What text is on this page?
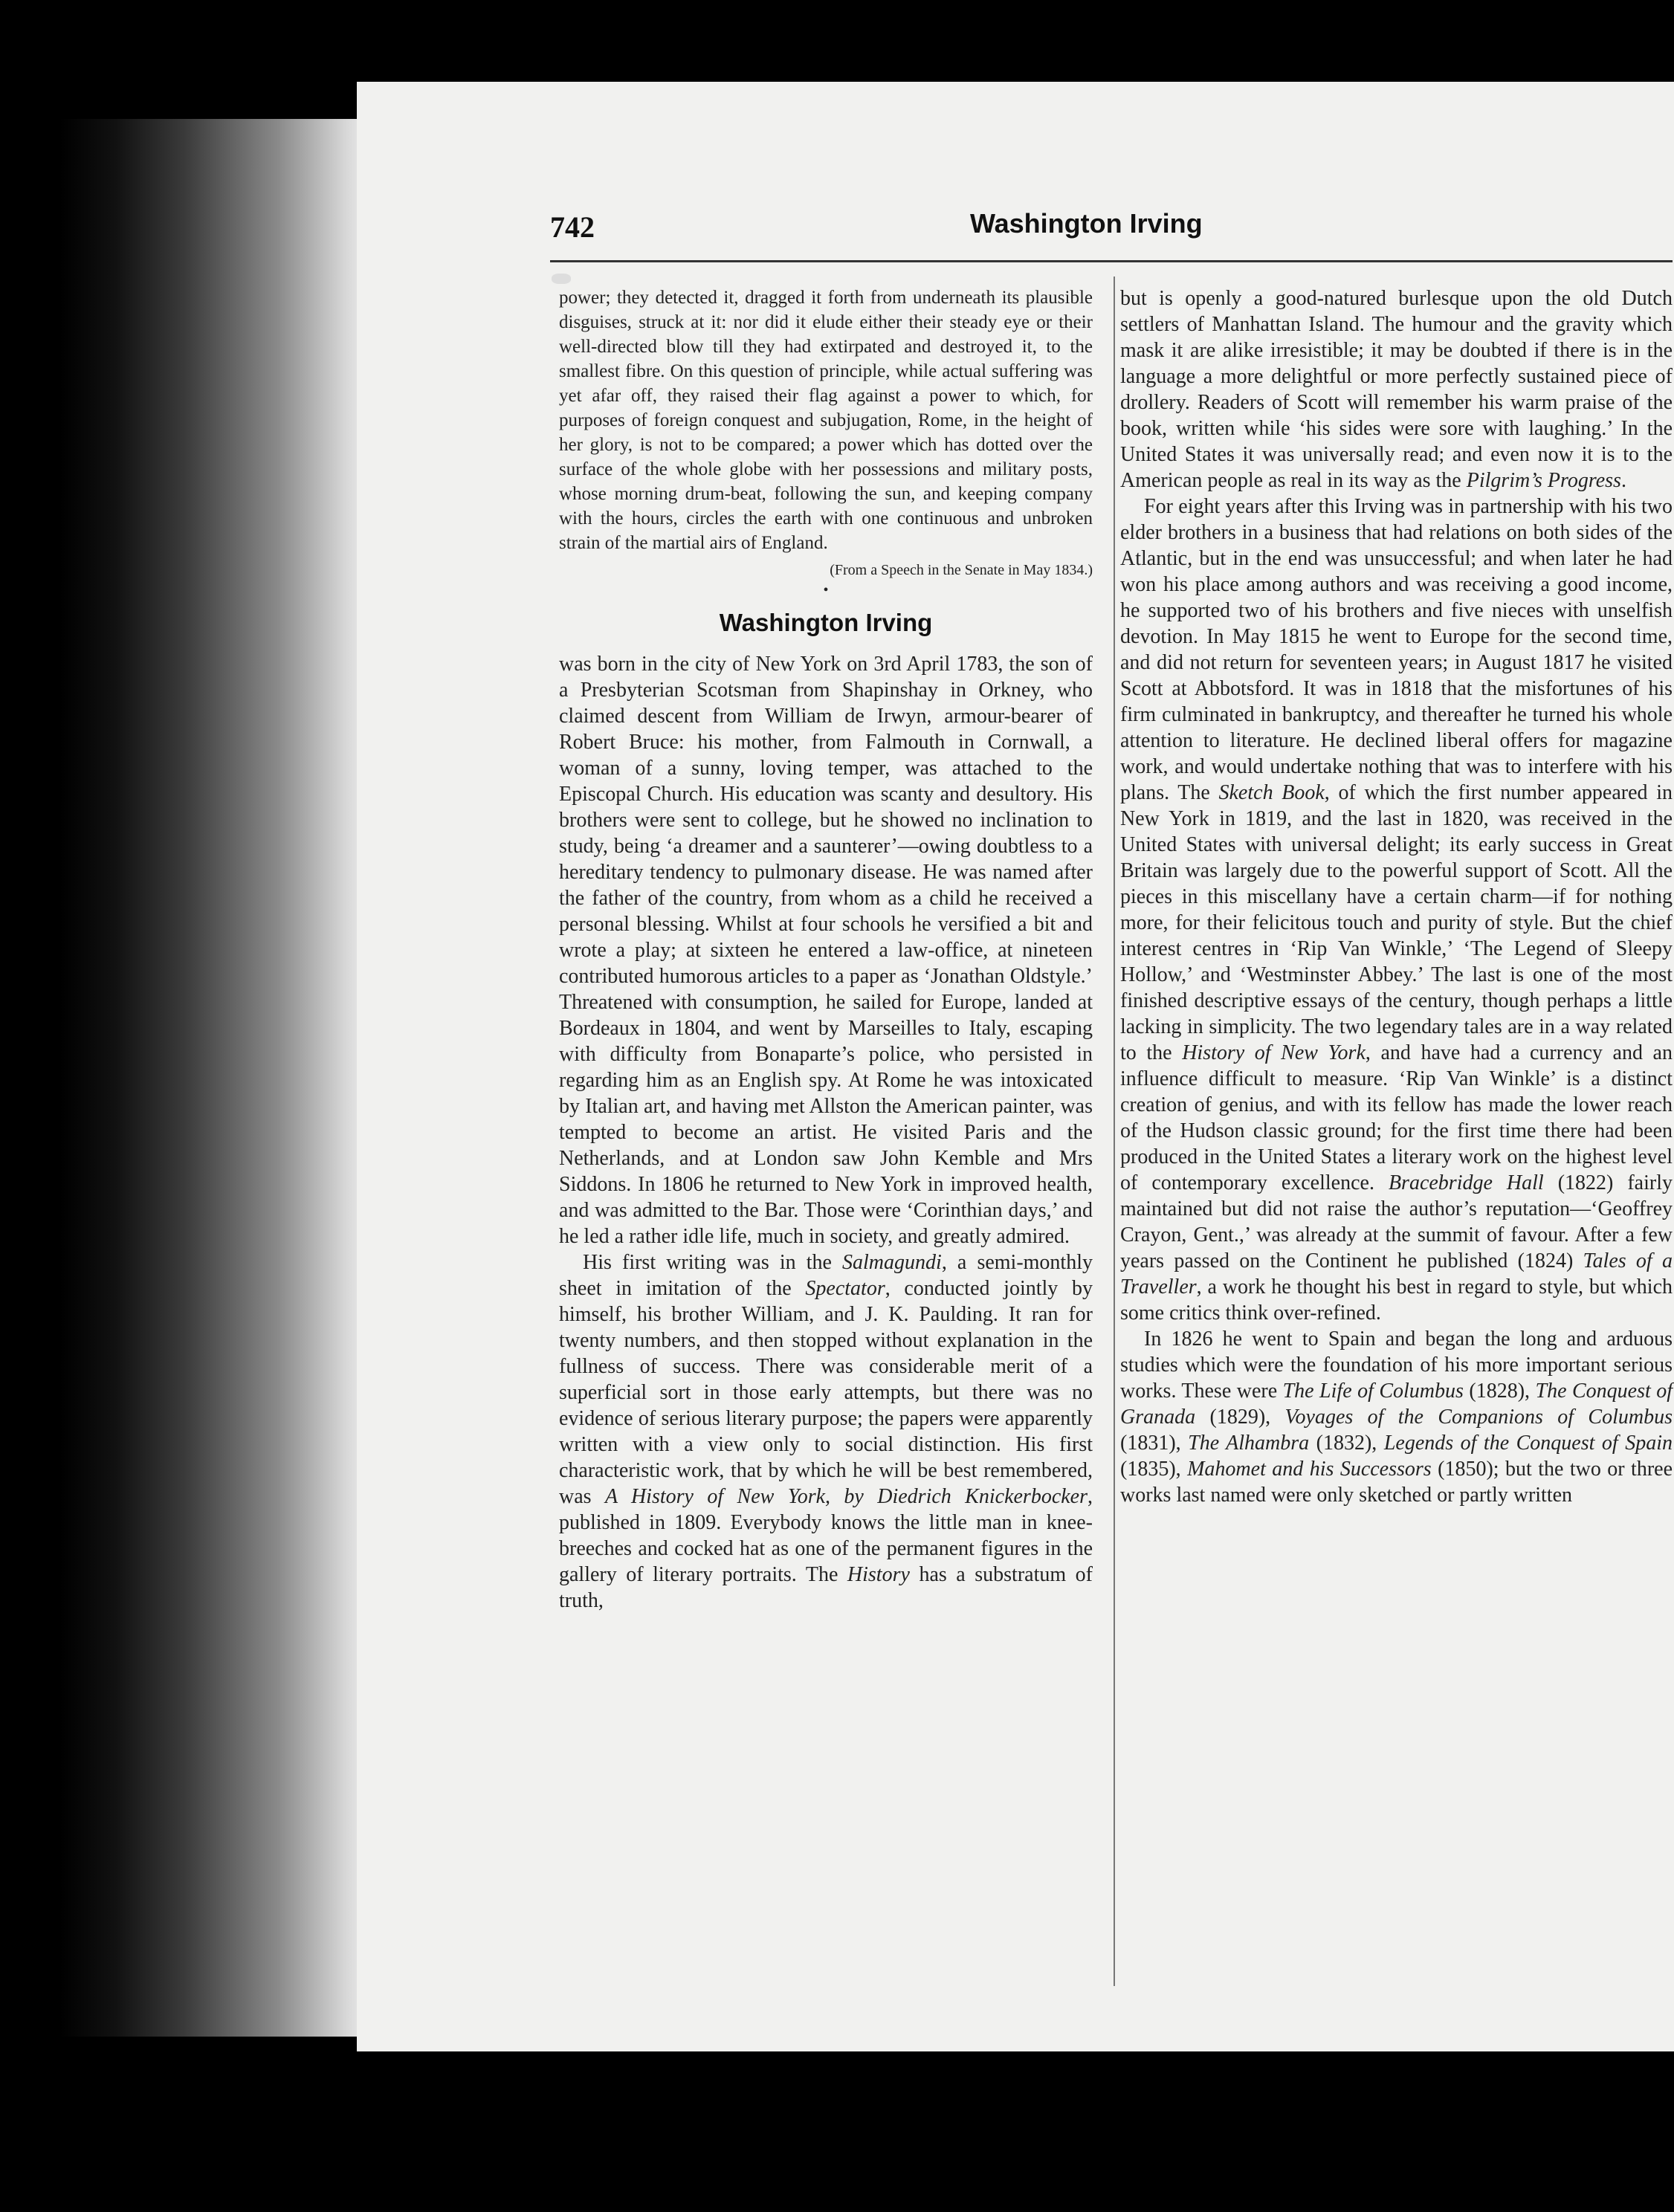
742	Washington Irving

power; they detected it, dragged it forth from underneath its plausible disguises, struck at it: nor did it elude either their steady eye or their well-directed blow till they had extirpated and destroyed it, to the smallest fibre. On this question of principle, while actual suffering was yet afar off, they raised their flag against a power to which, for purposes of foreign conquest and subjugation, Rome, in the height of her glory, is not to be compared; a power which has dotted over the surface of the whole globe with her possessions and military posts, whose morning drum-beat, following the sun, and keeping company with the hours, circles the earth with one continuous and unbroken strain of the martial airs of England.
(From a Speech in the Senate in May 1834.)

•

Washington Irving

was born in the city of New York on 3rd April 1783, the son of a Presbyterian Scotsman from Shapinshay in Orkney, who claimed descent from William de Irwyn, armour-bearer of Robert Bruce: his mother, from Falmouth in Cornwall, a woman of a sunny, loving temper, was attached to the Episcopal Church. His education was scanty and desultory. His brothers were sent to college, but he showed no inclination to study, being ‘a dreamer and a saunterer’—owing doubtless to a hereditary tendency to pulmonary disease. He was named after the father of the country, from whom as a child he received a personal blessing. Whilst at four schools he versified a bit and wrote a play; at sixteen he entered a law-office, at nineteen contributed humorous articles to a paper as ‘Jonathan Oldstyle.’ Threatened with consumption, he sailed for Europe, landed at Bordeaux in 1804, and went by Marseilles to Italy, escaping with difficulty from Bonaparte’s police, who persisted in regarding him as an English spy. At Rome he was intoxicated by Italian art, and having met Allston the American painter, was tempted to become an artist. He visited Paris and the Netherlands, and at London saw John Kemble and Mrs Siddons. In 1806 he returned to New York in improved health, and was admitted to the Bar. Those were ‘Corinthian days,’ and he led a rather idle life, much in society, and greatly admired.

His first writing was in the Salmagundi, a semi-monthly sheet in imitation of the Spectator, conducted jointly by himself, his brother William, and J. K. Paulding. It ran for twenty numbers, and then stopped without explanation in the fullness of success. There was considerable merit of a superficial sort in those early attempts, but there was no evidence of serious literary purpose; the papers were apparently written with a view only to social distinction. His first characteristic work, that by which he will be best remembered, was A History of New York, by Diedrich Knickerbocker, published in 1809. Everybody knows the little man in knee-breeches and cocked hat as one of the permanent figures in the gallery of literary portraits. The History has a substratum of truth,

but is openly a good-natured burlesque upon the old Dutch settlers of Manhattan Island. The humour and the gravity which mask it are alike irresistible; it may be doubted if there is in the language a more delightful or more perfectly sustained piece of drollery. Readers of Scott will remember his warm praise of the book, written while ‘his sides were sore with laughing.’ In the United States it was universally read; and even now it is to the American people as real in its way as the Pilgrim’s Progress.

For eight years after this Irving was in partnership with his two elder brothers in a business that had relations on both sides of the Atlantic, but in the end was unsuccessful; and when later he had won his place among authors and was receiving a good income, he supported two of his brothers and five nieces with unselfish devotion. In May 1815 he went to Europe for the second time, and did not return for seventeen years; in August 1817 he visited Scott at Abbotsford. It was in 1818 that the misfortunes of his firm culminated in bankruptcy, and thereafter he turned his whole attention to literature. He declined liberal offers for magazine work, and would undertake nothing that was to interfere with his plans. The Sketch Book, of which the first number appeared in New York in 1819, and the last in 1820, was received in the United States with universal delight; its early success in Great Britain was largely due to the powerful support of Scott. All the pieces in this miscellany have a certain charm—if for nothing more, for their felicitous touch and purity of style. But the chief interest centres in ‘Rip Van Winkle,’ ‘The Legend of Sleepy Hollow,’ and ‘Westminster Abbey.’ The last is one of the most finished descriptive essays of the century, though perhaps a little lacking in simplicity. The two legendary tales are in a way related to the History of New York, and have had a currency and an influence difficult to measure. ‘Rip Van Winkle’ is a distinct creation of genius, and with its fellow has made the lower reach of the Hudson classic ground; for the first time there had been produced in the United States a literary work on the highest level of contemporary excellence. Bracebridge Hall (1822) fairly maintained but did not raise the author’s reputation—‘Geoffrey Crayon, Gent.,’ was already at the summit of favour. After a few years passed on the Continent he published (1824) Tales of a Traveller, a work he thought his best in regard to style, but which some critics think over-refined.

In 1826 he went to Spain and began the long and arduous studies which were the foundation of his more important serious works. These were The Life of Columbus (1828), The Conquest of Granada (1829), Voyages of the Companions of Columbus (1831), The Alhambra (1832), Legends of the Conquest of Spain (1835), Mahomet and his Successors (1850); but the two or three works last named were only sketched or partly written
